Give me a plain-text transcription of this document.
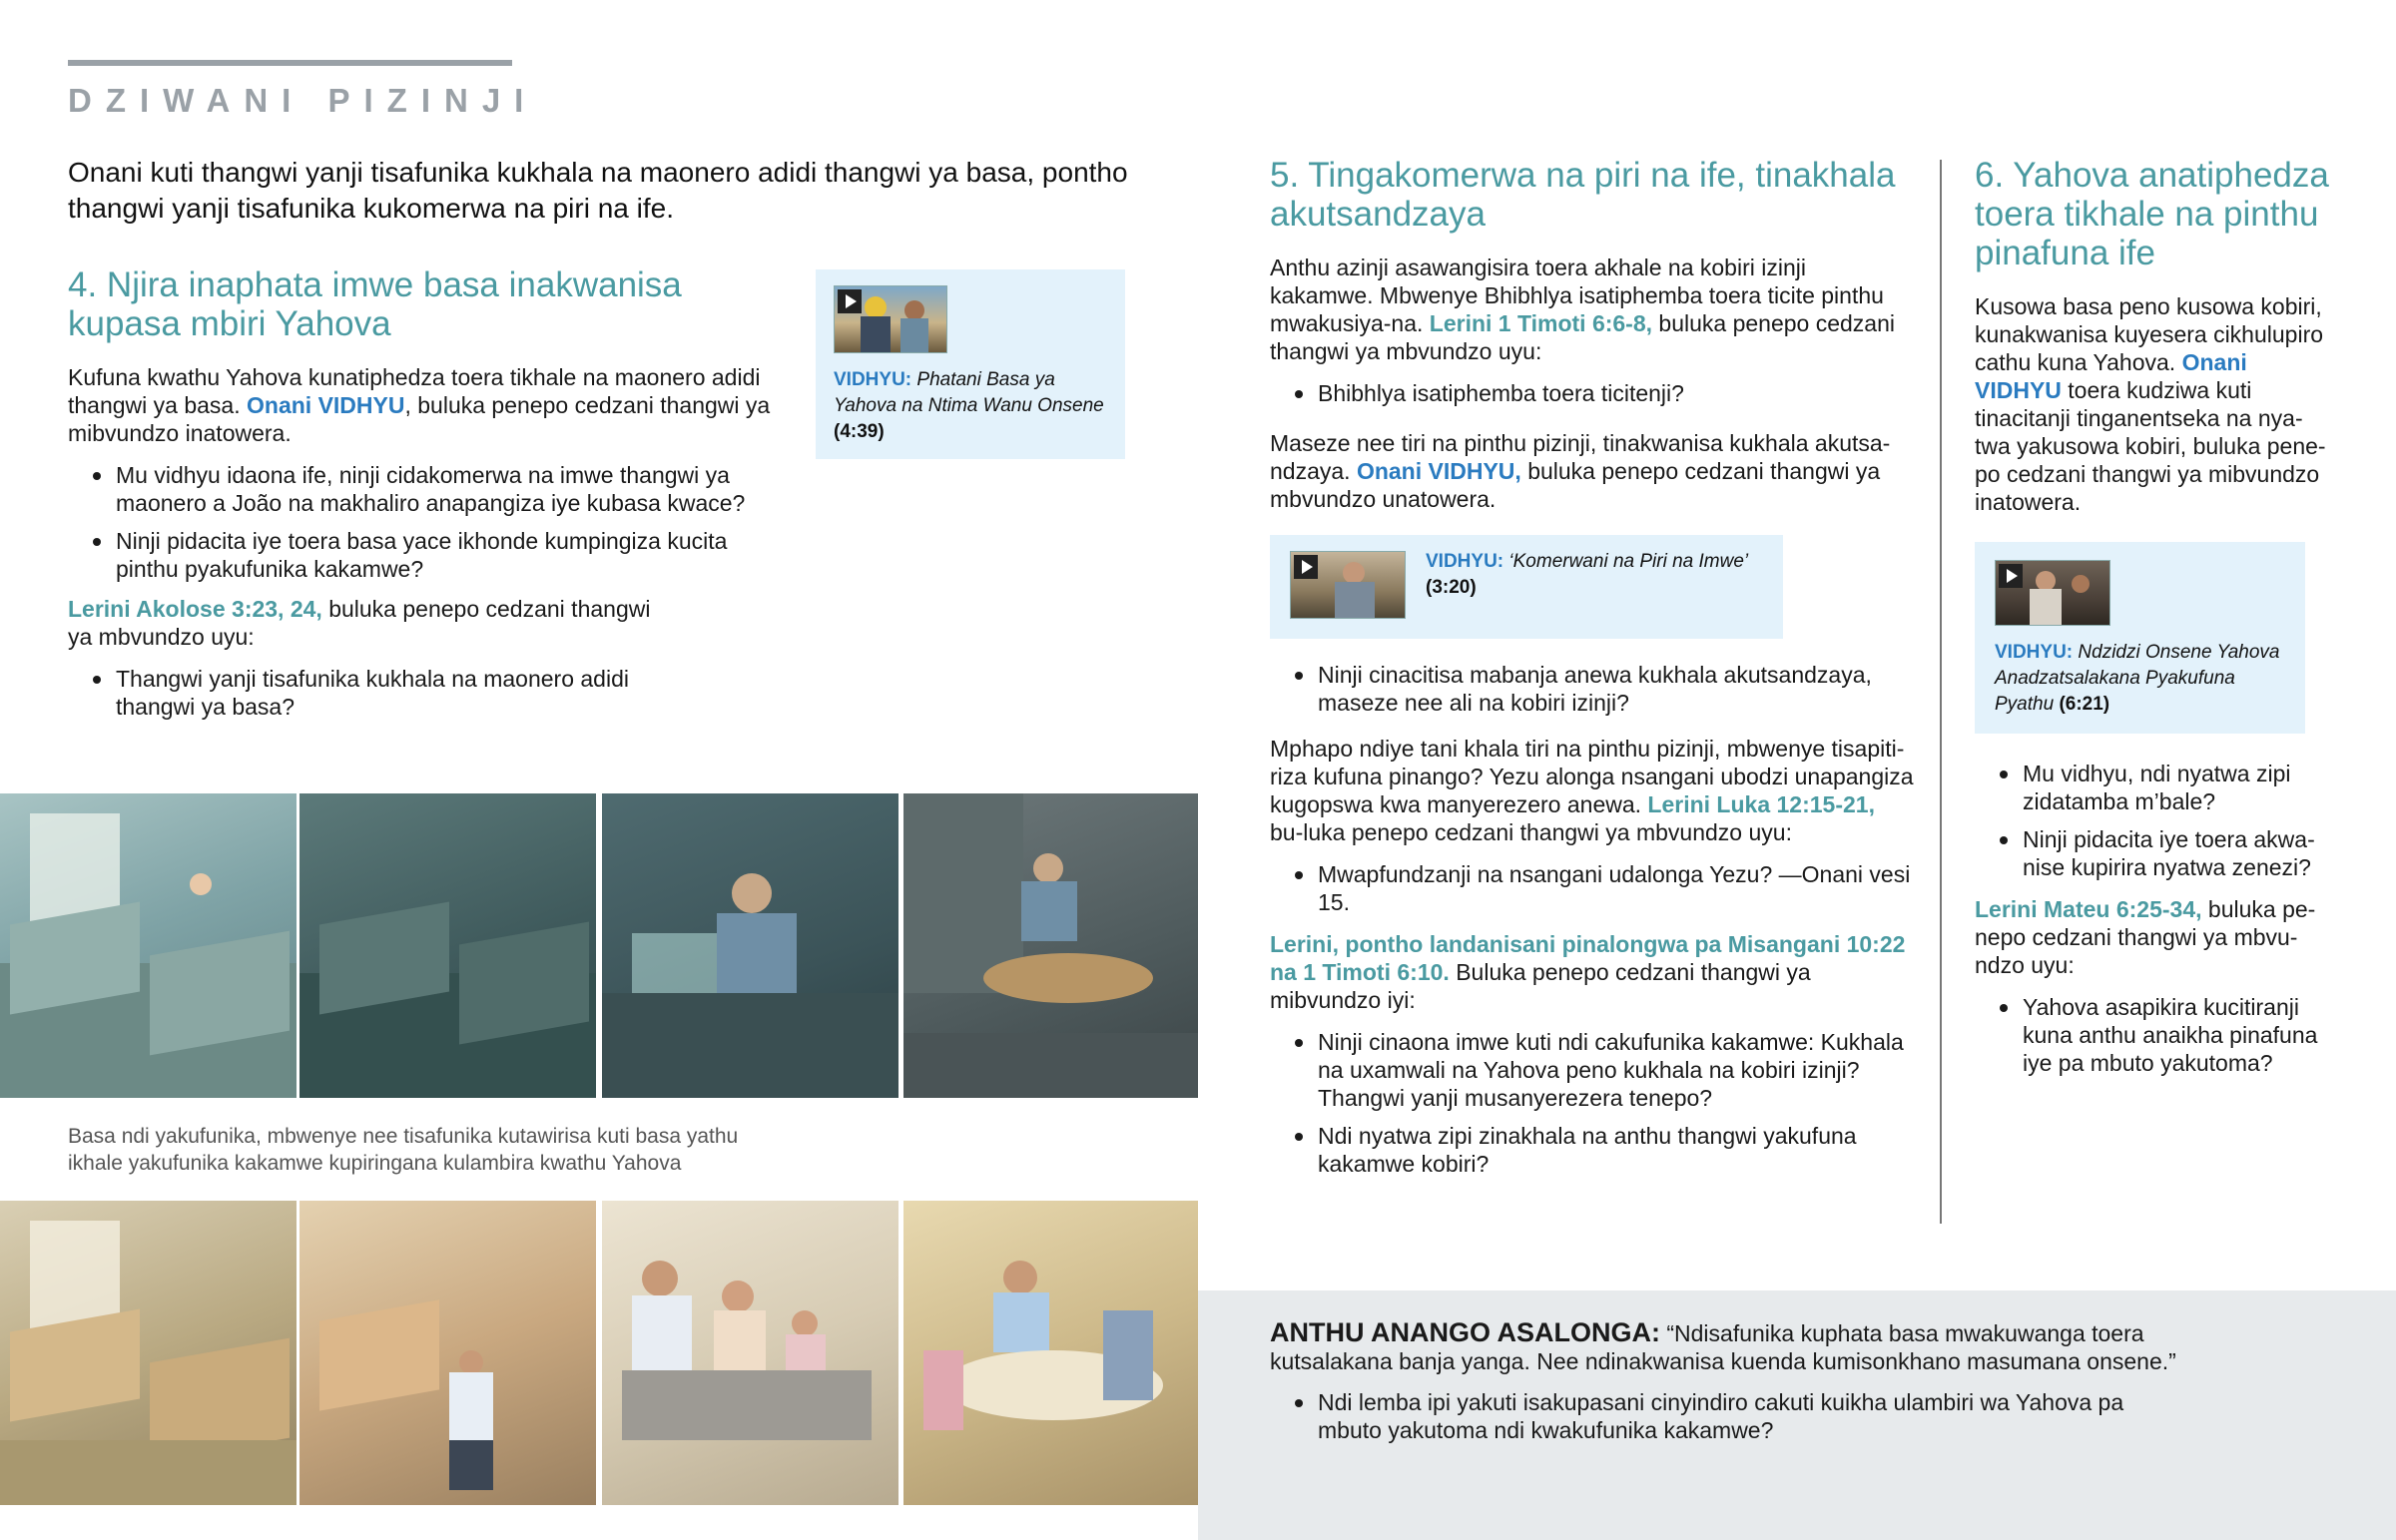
DZIWANI PIZINJI
Onani kuti thangwi yanji tisafunika kukhala na maonero adidi thangwi ya basa, pontho thangwi yanji tisafunika kukomerwa na piri na ife.
4. Njira inaphata imwe basa inakwanisa kupasa mbiri Yahova

Kufuna kwathu Yahova kunatiphedza toera tikhale na maonero adidi thangwi ya basa. Onani VIDHYU, buluka penepo cedzani thangwi ya mibvundzo inatowera.

Mu vidhyu idaona ife, ninji cidakomerwa na imwe thangwi ya maonero a João na makhaliro anapangiza iye kubasa kwace?
Ninji pidacita iye toera basa yace ikhonde kumpingiza kucita pinthu pyakufunika kakamwe?

Lerini Akolose 3:23, 24, buluka penepo cedzani thangwi ya mbvundzo uyu:

Thangwi yanji tisafunika kukhala na maonero adidi thangwi ya basa?
VIDHYU: Phatani Basa ya Yahova na Ntima Wanu Onsene (4:39)
Basa ndi yakufunika, mbwenye nee tisafunika kutawirisa kuti basa yathu ikhale yakufunika kakamwe kupiringana kulambira kwathu Yahova
5. Tingakomerwa na piri na ife, tinakhala akutsandzaya

Anthu azinji asawangisira toera akhale na kobiri izinji kakamwe. Mbwenye Bhibhlya isatiphemba toera ticite pinthu mwakusiya-na. Lerini 1 Timoti 6:6-8, buluka penepo cedzani thangwi ya mbvundzo uyu:

Bhibhlya isatiphemba toera ticitenji?

Maseze nee tiri na pinthu pizinji, tinakwanisa kukhala akutsa-ndzaya. Onani VIDHYU, buluka penepo cedzani thangwi ya mbvundzo unatowera.

VIDHYU: ‘Komerwani na Piri na Imwe’
(3:20)
Ninji cinacitisa mabanja anewa kukhala akutsandzaya, maseze nee ali na kobiri izinji?

Mphapo ndiye tani khala tiri na pinthu pizinji, mbwenye tisapiti-riza kufuna pinango? Yezu alonga nsangani ubodzi unapangiza kugopswa kwa manyerezero anewa. Lerini Luka 12:15-21, bu-luka penepo cedzani thangwi ya mbvundzo uyu:

Mwapfundzanji na nsangani udalonga Yezu? —Onani vesi 15.

Lerini, pontho landanisani pinalongwa pa Misangani 10:22 na 1 Timoti 6:10. Buluka penepo cedzani thangwi ya mibvundzo iyi:

Ninji cinaona imwe kuti ndi cakufunika kakamwe: Kukhala na uxamwali na Yahova peno kukhala na kobiri izinji? Thangwi yanji musanyerezera tenepo?
Ndi nyatwa zipi zinakhala na anthu thangwi yakufuna kakamwe kobiri?
6. Yahova anatiphedza toera tikhale na pinthu pinafuna ife

Kusowa basa peno kusowa kobiri, kunakwanisa kuyesera cikhulupiro cathu kuna Yahova. Onani VIDHYU toera kudziwa kuti tinacitanji tinganentseka na nya-twa yakusowa kobiri, buluka pene-po cedzani thangwi ya mibvundzo inatowera.

VIDHYU: Ndzidzi Onsene Yahova Anadzatsalakana Pyakufuna Pyathu (6:21)
Mu vidhyu, ndi nyatwa zipi zidatamba m’bale?
Ninji pidacita iye toera akwa-nise kupirira nyatwa zenezi?

Lerini Mateu 6:25-34, buluka pe-nepo cedzani thangwi ya mbvu-ndzo uyu:

Yahova asapikira kucitiranji kuna anthu anaikha pinafuna iye pa mbuto yakutoma?

ANTHU ANANGO ASALONGA: “Ndisafunika kuphata basa mwakuwanga toera kutsalakana banja yanga. Nee ndinakwanisa kuenda kumisonkhano masumana onsene.”

Ndi lemba ipi yakuti isakupasani cinyindiro cakuti kuikha ulambiri wa Yahova pa mbuto yakutoma ndi kwakufunika kakamwe?
